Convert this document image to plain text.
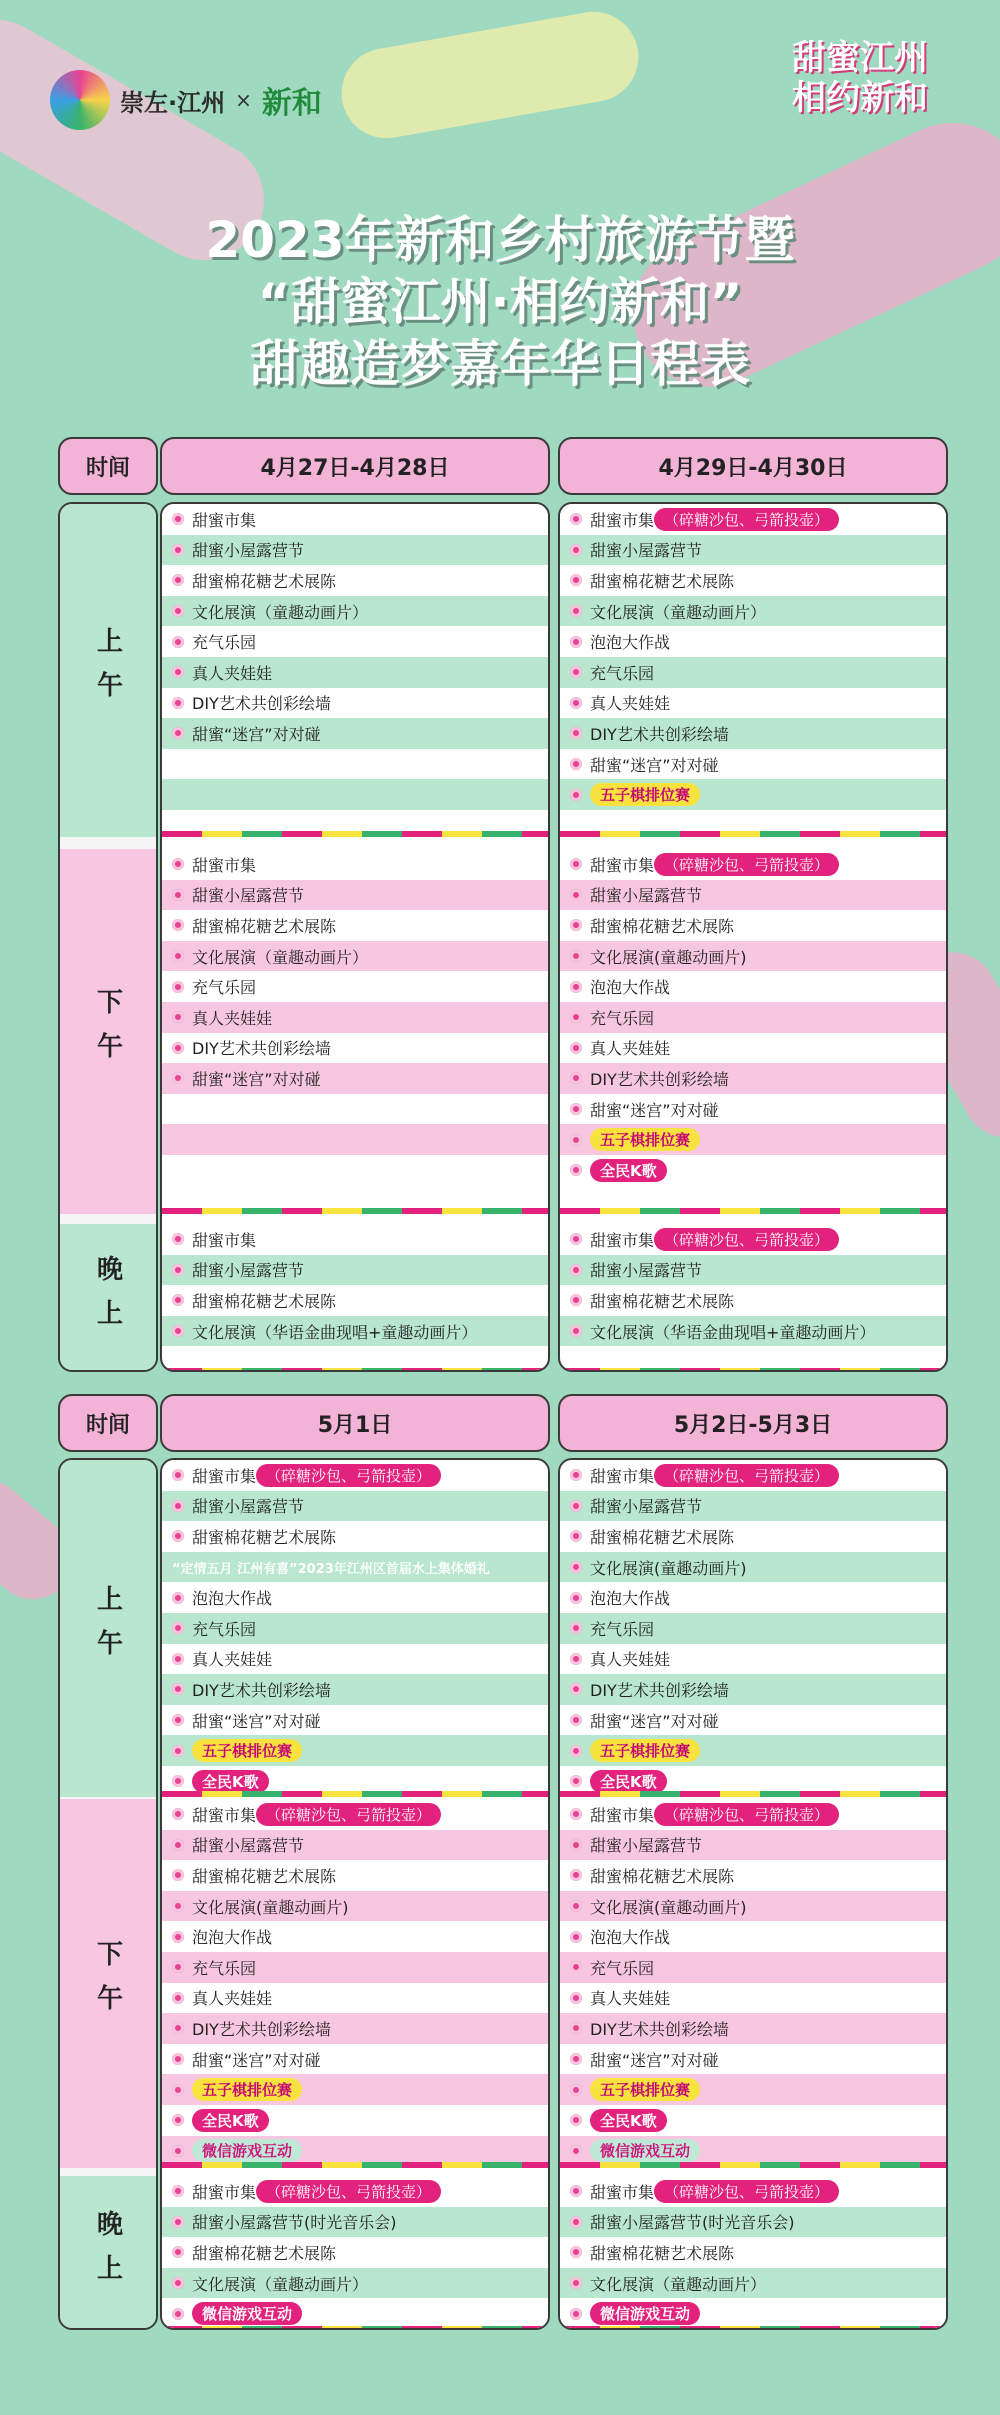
崇左·江州 × 新和
甜蜜江州
相约新和
2023年新和乡村旅游节暨
“甜蜜江州·相约新和”
甜趣造梦嘉年华日程表
时间
上午
下午
晚上
4月27日-4月28日
甜蜜市集
甜蜜小屋露营节
甜蜜棉花糖艺术展陈
文化展演（童趣动画片）
充气乐园
真人夹娃娃
DIY艺术共创彩绘墙
甜蜜“迷宫”对对碰
甜蜜市集
甜蜜小屋露营节
甜蜜棉花糖艺术展陈
文化展演（童趣动画片）
充气乐园
真人夹娃娃
DIY艺术共创彩绘墙
甜蜜“迷宫”对对碰
甜蜜市集
甜蜜小屋露营节
甜蜜棉花糖艺术展陈
文化展演（华语金曲现唱+童趣动画片）
4月29日-4月30日
甜蜜市集 （碎糖沙包、弓箭投壶）
甜蜜小屋露营节
甜蜜棉花糖艺术展陈
文化展演（童趣动画片）
泡泡大作战
充气乐园
真人夹娃娃
DIY艺术共创彩绘墙
甜蜜“迷宫”对对碰
五子棋排位赛
甜蜜市集 （碎糖沙包、弓箭投壶）
甜蜜小屋露营节
甜蜜棉花糖艺术展陈
文化展演(童趣动画片)
泡泡大作战
充气乐园
真人夹娃娃
DIY艺术共创彩绘墙
甜蜜“迷宫”对对碰
五子棋排位赛
全民K歌
甜蜜市集 （碎糖沙包、弓箭投壶）
甜蜜小屋露营节
甜蜜棉花糖艺术展陈
文化展演（华语金曲现唱+童趣动画片）
时间
上午
下午
晚上
5月1日
甜蜜市集 （碎糖沙包、弓箭投壶）
甜蜜小屋露营节
甜蜜棉花糖艺术展陈
“定情五月 江州有喜”2023年江州区首届水上集体婚礼
泡泡大作战
充气乐园
真人夹娃娃
DIY艺术共创彩绘墙
甜蜜“迷宫”对对碰
五子棋排位赛
全民K歌
甜蜜市集 （碎糖沙包、弓箭投壶）
甜蜜小屋露营节
甜蜜棉花糖艺术展陈
文化展演(童趣动画片)
泡泡大作战
充气乐园
真人夹娃娃
DIY艺术共创彩绘墙
甜蜜“迷宫”对对碰
五子棋排位赛
全民K歌
微信游戏互动
甜蜜市集 （碎糖沙包、弓箭投壶）
甜蜜小屋露营节(时光音乐会)
甜蜜棉花糖艺术展陈
文化展演（童趣动画片）
微信游戏互动
5月2日-5月3日
甜蜜市集 （碎糖沙包、弓箭投壶）
甜蜜小屋露营节
甜蜜棉花糖艺术展陈
文化展演(童趣动画片)
泡泡大作战
充气乐园
真人夹娃娃
DIY艺术共创彩绘墙
甜蜜“迷宫”对对碰
五子棋排位赛
全民K歌
甜蜜市集 （碎糖沙包、弓箭投壶）
甜蜜小屋露营节
甜蜜棉花糖艺术展陈
文化展演(童趣动画片)
泡泡大作战
充气乐园
真人夹娃娃
DIY艺术共创彩绘墙
甜蜜“迷宫”对对碰
五子棋排位赛
全民K歌
微信游戏互动
甜蜜市集 （碎糖沙包、弓箭投壶）
甜蜜小屋露营节(时光音乐会)
甜蜜棉花糖艺术展陈
文化展演（童趣动画片）
微信游戏互动
